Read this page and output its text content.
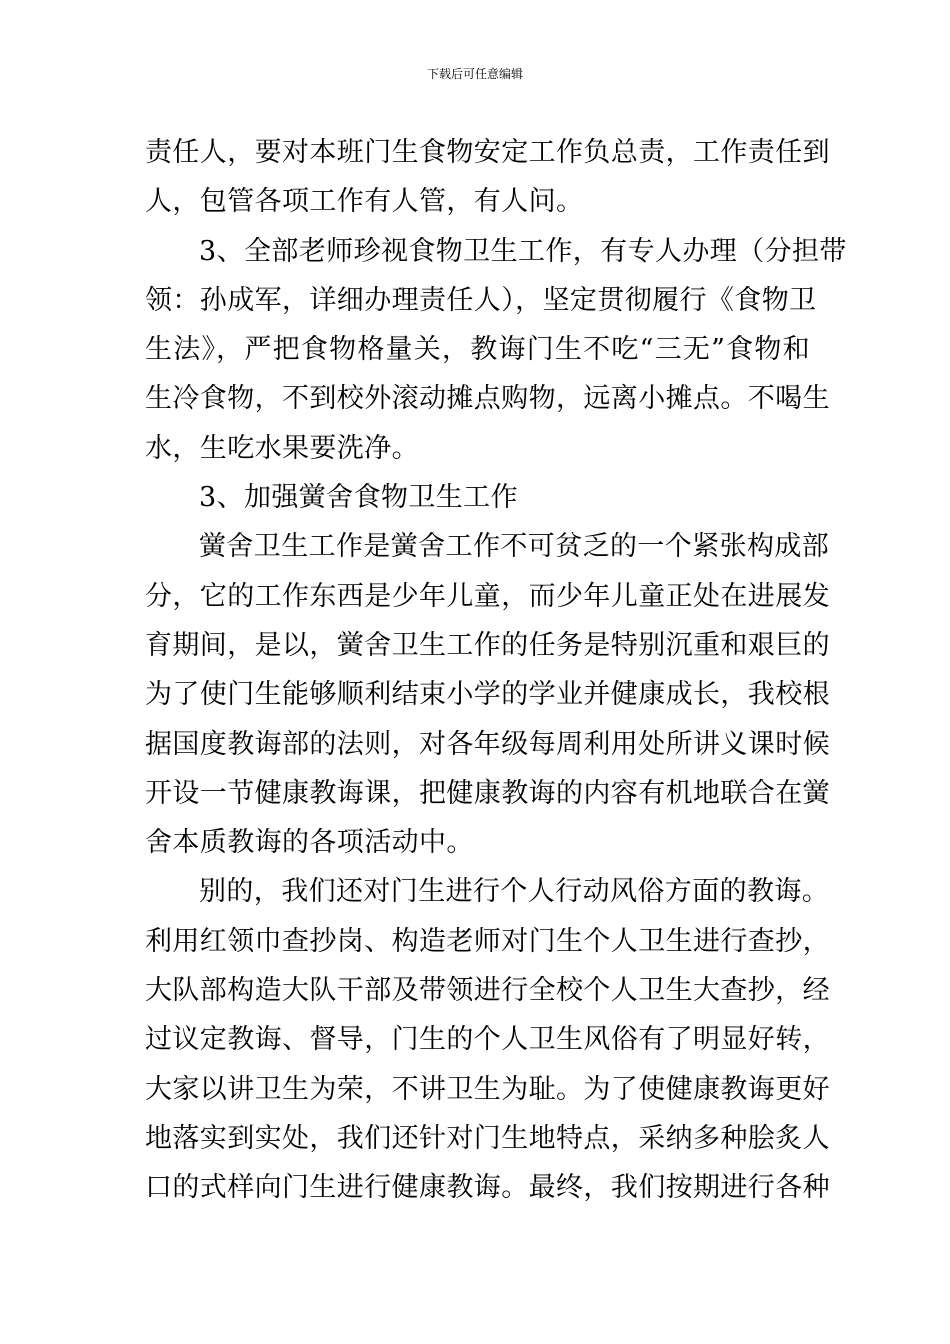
下载后可任意编辑
责任人，要对本班门生食物安定工作负总责，工作责任到
人，包管各项工作有人管，有人问。
3、全部老师珍视食物卫生工作，有专人办理（分担带
领：孙成军，详细办理责任人），坚定贯彻履行《食物卫
生法》，严把食物格量关，教诲门生不吃“三无”食物和
生冷食物，不到校外滚动摊点购物，远离小摊点。不喝生
水，生吃水果要洗净。
3、加强黉舍食物卫生工作
黉舍卫生工作是黉舍工作不可贫乏的一个紧张构成部
分，它的工作东西是少年儿童，而少年儿童正处在进展发
育期间，是以，黉舍卫生工作的任务是特别沉重和艰巨的
为了使门生能够顺利结束小学的学业并健康成长，我校根
据国度教诲部的法则，对各年级每周利用处所讲义课时候
开设一节健康教诲课，把健康教诲的内容有机地联合在黉
舍本质教诲的各项活动中。
别的，我们还对门生进行个人行动风俗方面的教诲。
利用红领巾查抄岗、构造老师对门生个人卫生进行查抄，
大队部构造大队干部及带领进行全校个人卫生大查抄，经
过议定教诲、督导，门生的个人卫生风俗有了明显好转，
大家以讲卫生为荣，不讲卫生为耻。为了使健康教诲更好
地落实到实处，我们还针对门生地特点，采纳多种脍炙人
口的式样向门生进行健康教诲。最终，我们按期进行各种
